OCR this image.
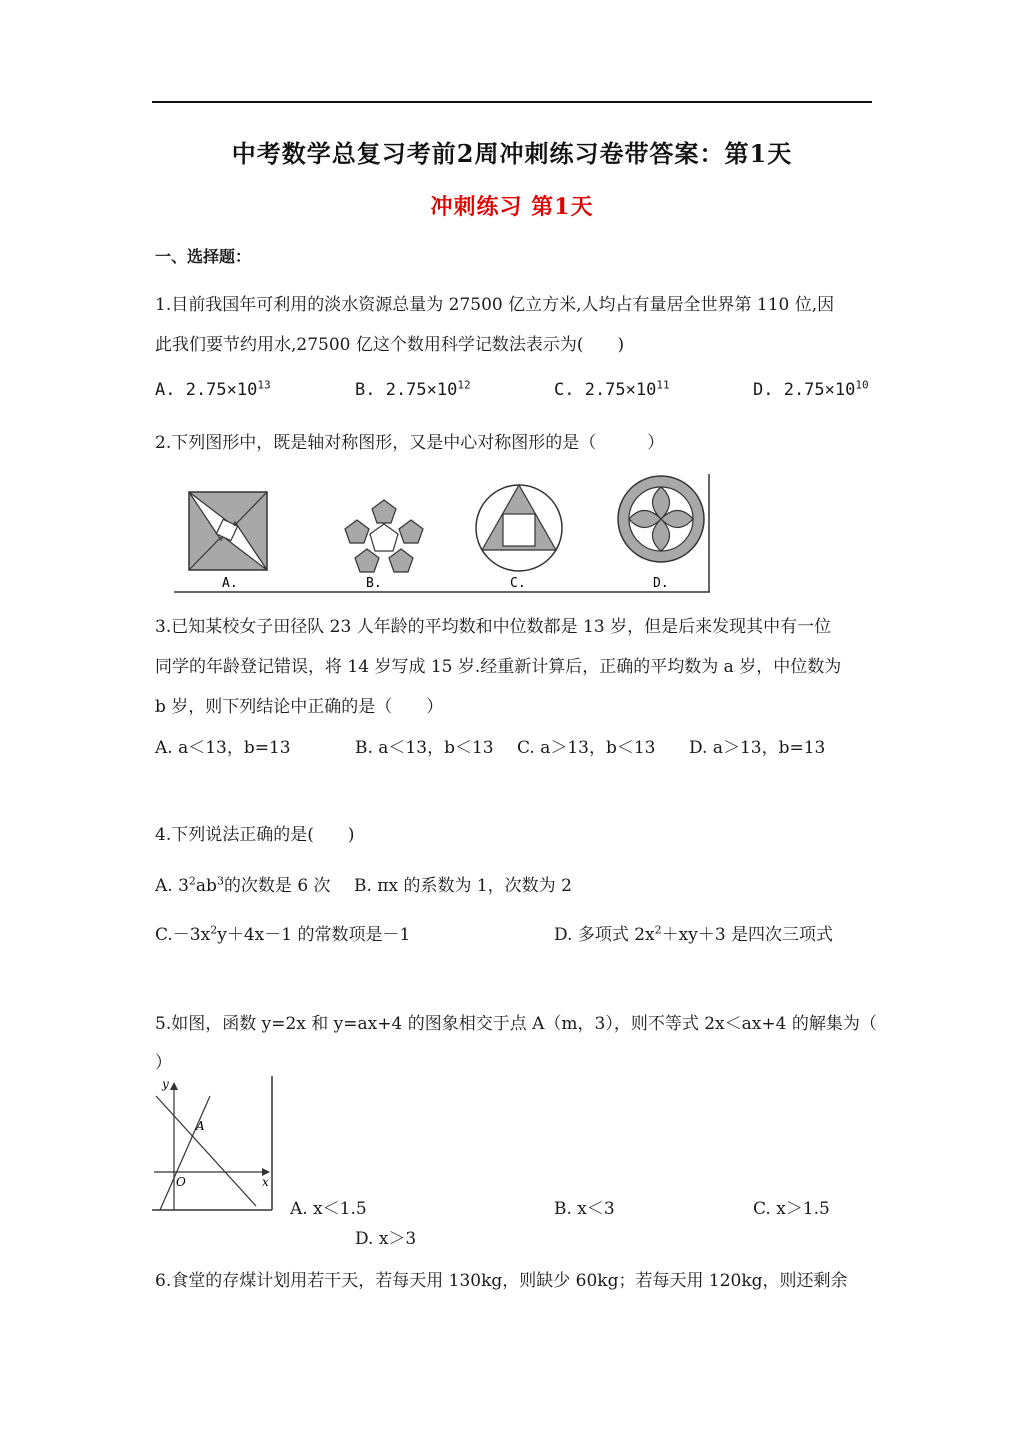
中考数学总复习考前2周冲刺练习卷带答案：第1天
冲刺练习 第1天
一、选择题：
1.目前我国年可利用的淡水资源总量为 27500 亿立方米,人均占有量居全世界第 110 位,因
此我们要节约用水,27500 亿这个数用科学记数法表示为(　　)
A. $2.75\times 10^{13}$	B. $2.75\times 10^{12}$	C. $2.75\times 10^{11}$	D. $2.75\times 10^{10}$
2.下列图形中，既是轴对称图形，又是中心对称图形的是（　　　）
A.	B.	C.	D.
3.已知某校女子田径队 23 人年龄的平均数和中位数都是 13 岁，但是后来发现其中有一位
同学的年龄登记错误，将 14 岁写成 15 岁.经重新计算后，正确的平均数为 a 岁，中位数为
b 岁，则下列结论中正确的是（　　）
A. a＜13，b=13	B. a＜13，b＜13 C. a＞13，b＜13 D. a＞13，b=13
4.下列说法正确的是(　　)
A. $3^2ab^3$的次数是 6 次 B. πx 的系数为 1，次数为 2
$C.-3x^2y+4x-1$ 的常数项是－1	D. 多项式 $2x^2+xy+3$ 是四次三项式
5.如图，函数 y=2x 和 y=ax+4 的图象相交于点 A（m，3），则不等式 2x＜ax+4 的解集为（
）
y
x
O
A
A. x＜1.5	B. x＜3	C. x＞1.5
D. x＞3
6.食堂的存煤计划用若干天，若每天用 130kg，则缺少 60kg；若每天用 120kg，则还剩余
